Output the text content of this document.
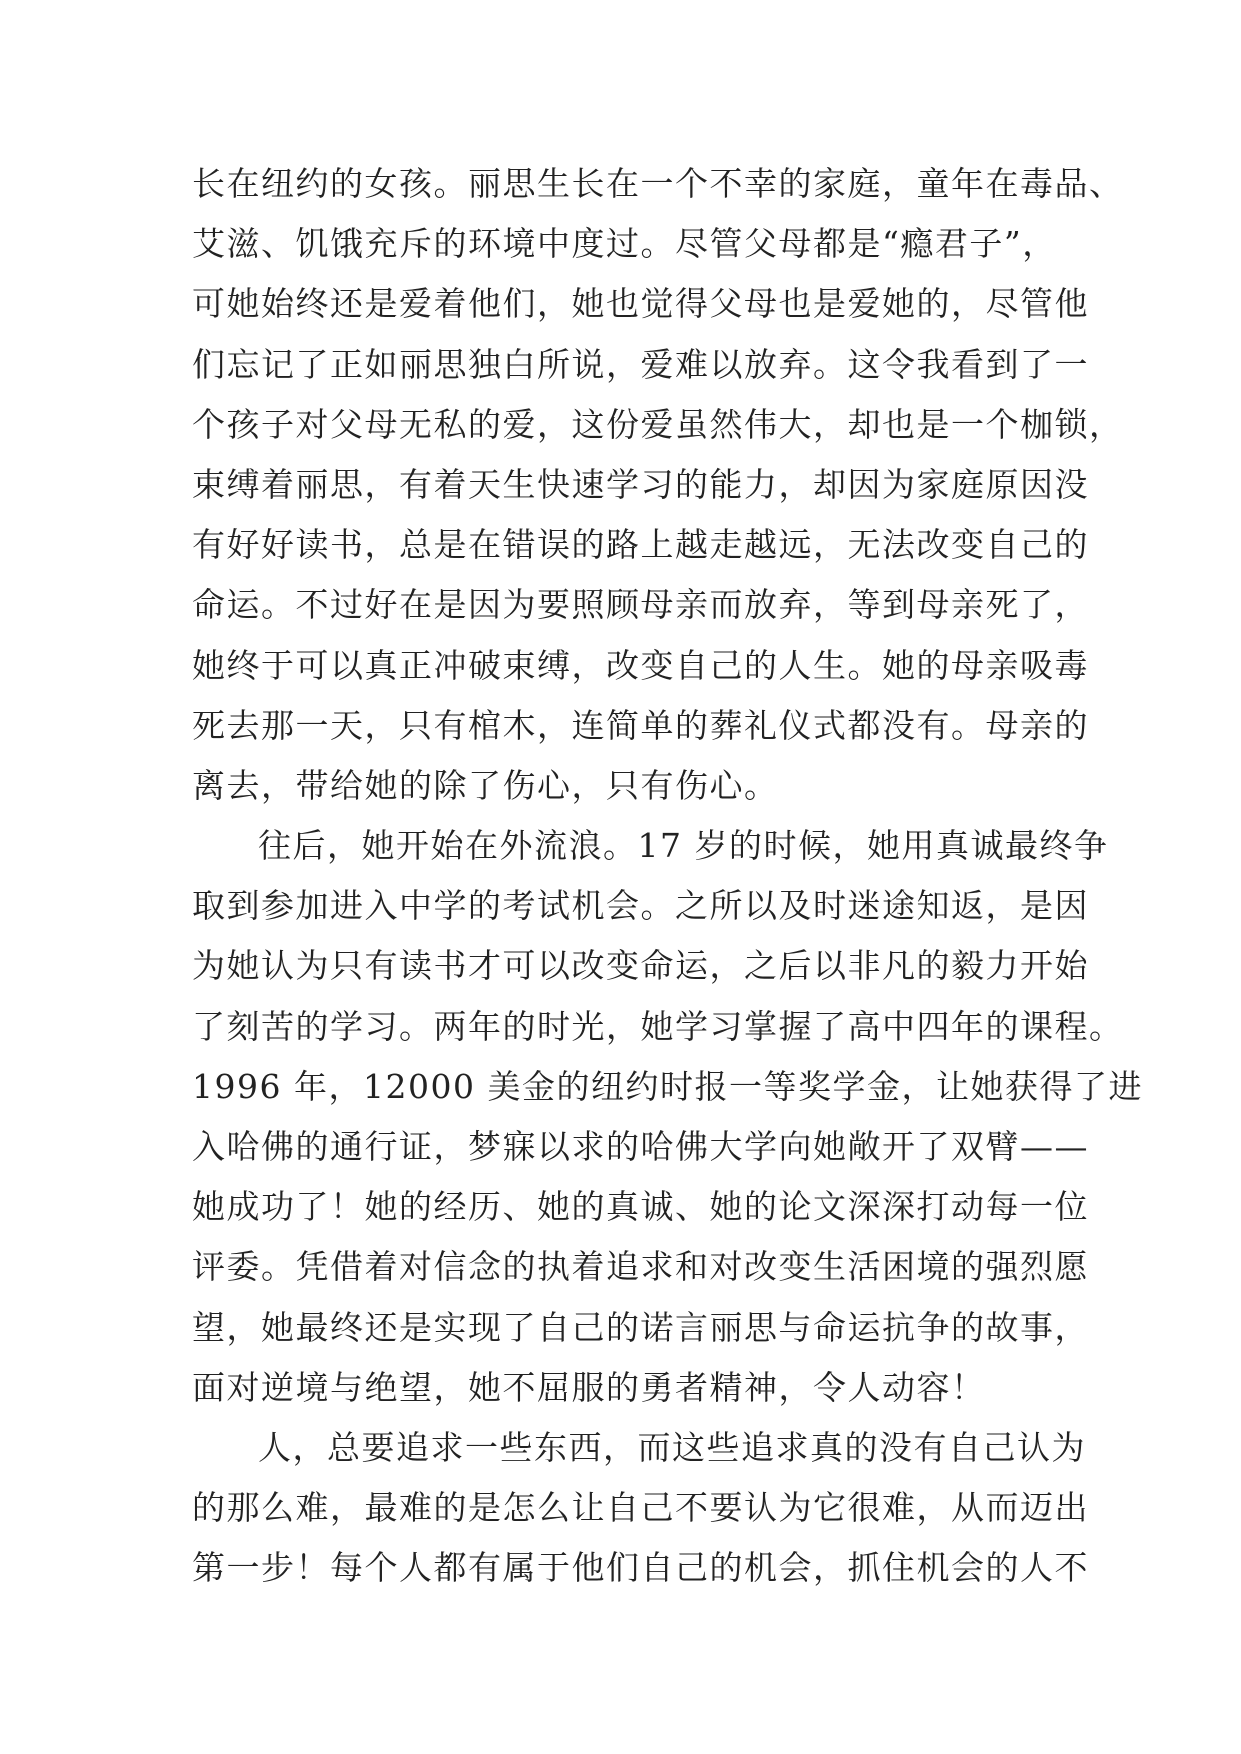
长在纽约的女孩。丽思生长在一个不幸的家庭，童年在毒品、
艾滋、饥饿充斥的环境中度过。尽管父母都是“瘾君子”，
可她始终还是爱着他们，她也觉得父母也是爱她的，尽管他
们忘记了正如丽思独白所说，爱难以放弃。这令我看到了一
个孩子对父母无私的爱，这份爱虽然伟大，却也是一个枷锁，
束缚着丽思，有着天生快速学习的能力，却因为家庭原因没
有好好读书，总是在错误的路上越走越远，无法改变自己的
命运。不过好在是因为要照顾母亲而放弃，等到母亲死了，
她终于可以真正冲破束缚，改变自己的人生。她的母亲吸毒
死去那一天，只有棺木，连简单的葬礼仪式都没有。母亲的
离去，带给她的除了伤心，只有伤心。
往后，她开始在外流浪。17 岁的时候，她用真诚最终争
取到参加进入中学的考试机会。之所以及时迷途知返，是因
为她认为只有读书才可以改变命运，之后以非凡的毅力开始
了刻苦的学习。两年的时光，她学习掌握了高中四年的课程。
1996 年，12000 美金的纽约时报一等奖学金，让她获得了进
入哈佛的通行证，梦寐以求的哈佛大学向她敞开了双臂——
她成功了！她的经历、她的真诚、她的论文深深打动每一位
评委。凭借着对信念的执着追求和对改变生活困境的强烈愿
望，她最终还是实现了自己的诺言丽思与命运抗争的故事，
面对逆境与绝望，她不屈服的勇者精神，令人动容！
人，总要追求一些东西，而这些追求真的没有自己认为
的那么难，最难的是怎么让自己不要认为它很难，从而迈出
第一步！每个人都有属于他们自己的机会，抓住机会的人不
